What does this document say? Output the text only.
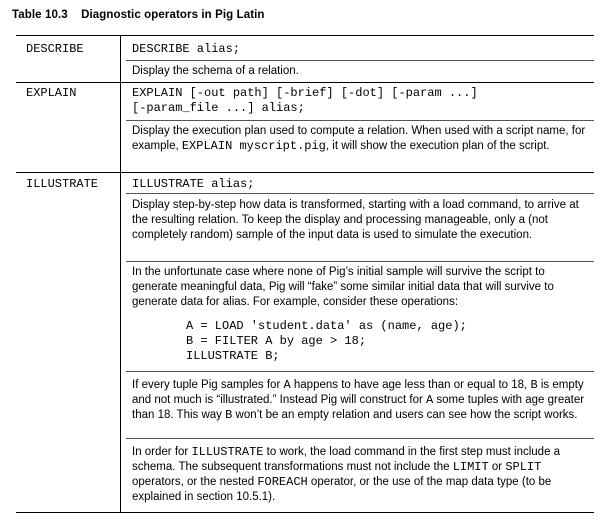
Table 10.3 Diagnostic operators in Pig Latin
DESCRIBE	DESCRIBE alias;
Display the schema of a relation.
EXPLAIN	EXPLAIN [-out path] [-brief] [-dot] [-param ...]
[-param_file ...] alias;
Display the execution plan used to compute a relation. When used with a script name, for example, EXPLAIN myscript.pig, it will show the execution plan of the script.
ILLUSTRATE	ILLUSTRATE alias;
Display step-by-step how data is transformed, starting with a load command, to arrive at the resulting relation. To keep the display and processing manageable, only a (not completely random) sample of the input data is used to simulate the execution.
In the unfortunate case where none of Pig’s initial sample will survive the script to generate meaningful data, Pig will “fake” some similar initial data that will survive to generate data for alias. For example, consider these operations:
A = LOAD 'student.data' as (name, age);
B = FILTER A by age > 18;
ILLUSTRATE B;
If every tuple Pig samples for A happens to have age less than or equal to 18, B is empty and not much is “illustrated.” Instead Pig will construct for A some tuples with age greater than 18. This way B won’t be an empty relation and users can see how the script works.
In order for ILLUSTRATE to work, the load command in the first step must include a schema. The subsequent transformations must not include the LIMIT or SPLIT operators, or the nested FOREACH operator, or the use of the map data type (to be explained in section 10.5.1).
